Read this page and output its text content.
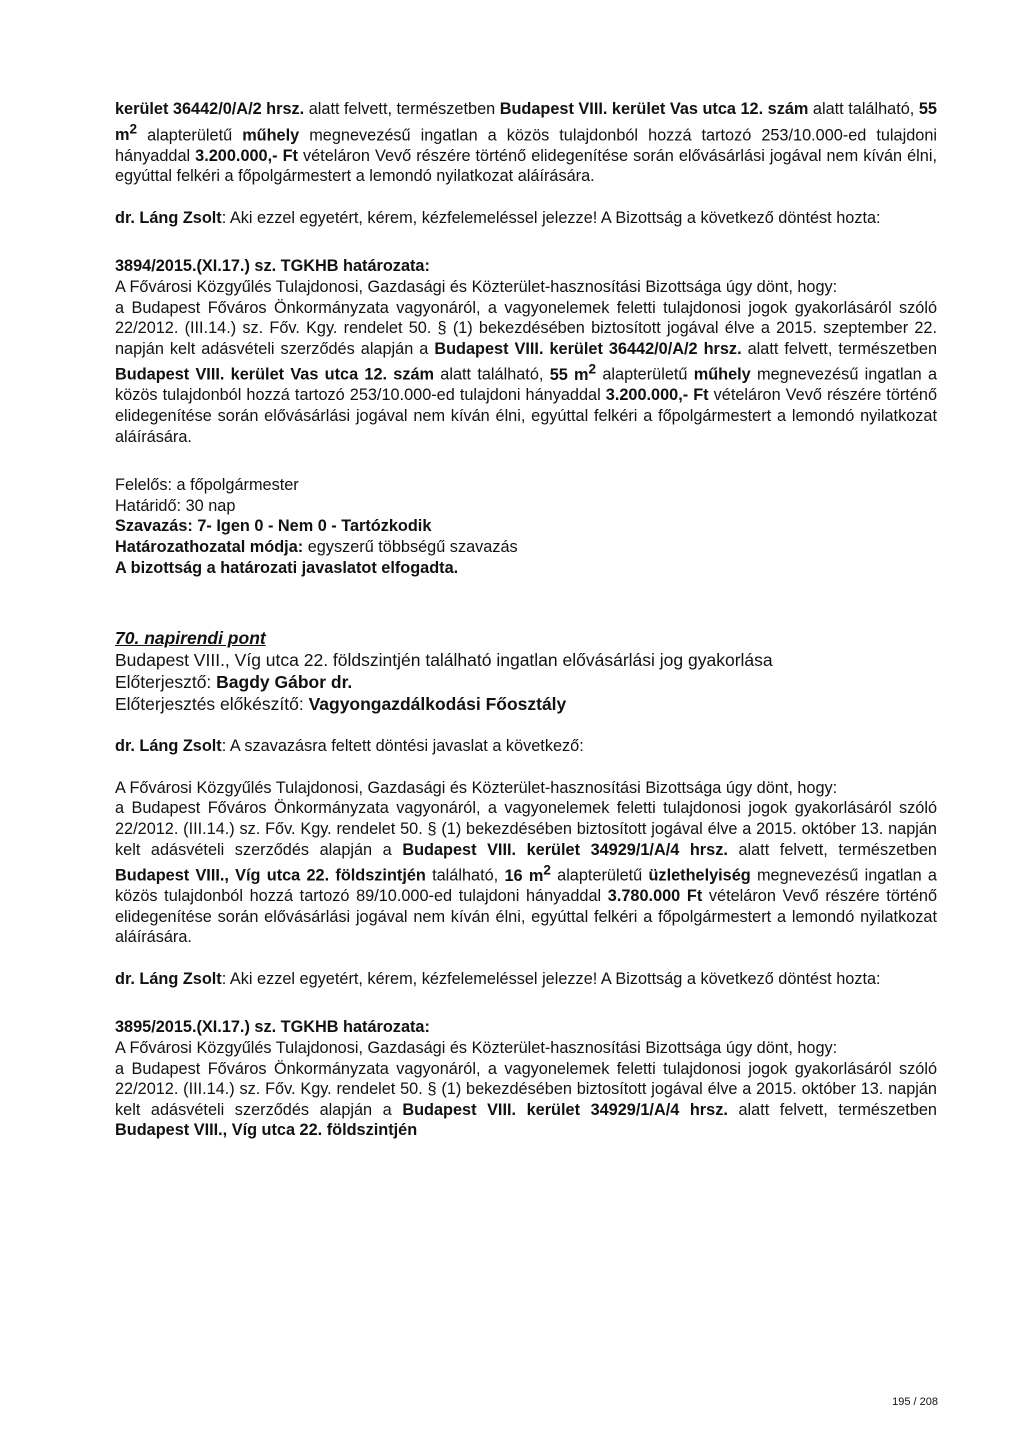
kerület 36442/0/A/2 hrsz. alatt felvett, természetben Budapest VIII. kerület Vas utca 12. szám alatt található, 55 $m^2$ alapterületű műhely megnevezésű ingatlan a közös tulajdonból hozzá tartozó 253/10.000-ed tulajdoni hányaddal 3.200.000,- Ft vételáron Vevő részére történő elidegenítése során elővásárlási jogával nem kíván élni, egyúttal felkéri a főpolgármestert a lemondó nyilatkozat aláírására.

dr. Láng Zsolt: Aki ezzel egyetért, kérem, kézfelemeléssel jelezze! A Bizottság a következő döntést hozta:

3894/2015.(XI.17.) sz. TGKHB határozata:

A Fővárosi Közgyűlés Tulajdonosi, Gazdasági és Közterület-hasznosítási Bizottsága úgy dönt, hogy:

a Budapest Főváros Önkormányzata vagyonáról, a vagyonelemek feletti tulajdonosi jogok gyakorlásáról szóló 22/2012. (III.14.) sz. Főv. Kgy. rendelet 50. § (1) bekezdésében biztosított jogával élve a 2015. szeptember 22. napján kelt adásvételi szerződés alapján a Budapest VIII. kerület 36442/0/A/2 hrsz. alatt felvett, természetben Budapest VIII. kerület Vas utca 12. szám alatt található, 55 $m^2$ alapterületű műhely megnevezésű ingatlan a közös tulajdonból hozzá tartozó 253/10.000-ed tulajdoni hányaddal 3.200.000,- Ft vételáron Vevő részére történő elidegenítése során elővásárlási jogával nem kíván élni, egyúttal felkéri a főpolgármestert a lemondó nyilatkozat aláírására.

Felelős: a főpolgármester

Határidő: 30 nap

Szavazás: 7- Igen 0 - Nem 0 - Tartózkodik

Határozathozatal módja: egyszerű többségű szavazás

A bizottság a határozati javaslatot elfogadta.

70. napirendi pont

Budapest VIII., Víg utca 22. földszintjén található ingatlan elővásárlási jog gyakorlása

Előterjesztő: Bagdy Gábor dr.

Előterjesztés előkészítő: Vagyongazdálkodási Főosztály

dr. Láng Zsolt: A szavazásra feltett döntési javaslat a következő:

A Fővárosi Közgyűlés Tulajdonosi, Gazdasági és Közterület-hasznosítási Bizottsága úgy dönt, hogy:

a Budapest Főváros Önkormányzata vagyonáról, a vagyonelemek feletti tulajdonosi jogok gyakorlásáról szóló 22/2012. (III.14.) sz. Főv. Kgy. rendelet 50. § (1) bekezdésében biztosított jogával élve a 2015. október 13. napján kelt adásvételi szerződés alapján a Budapest VIII. kerület 34929/1/A/4 hrsz. alatt felvett, természetben Budapest VIII., Víg utca 22. földszintjén található, 16 $m^2$ alapterületű üzlethelyiség megnevezésű ingatlan a közös tulajdonból hozzá tartozó 89/10.000-ed tulajdoni hányaddal 3.780.000 Ft vételáron Vevő részére történő elidegenítése során elővásárlási jogával nem kíván élni, egyúttal felkéri a főpolgármestert a lemondó nyilatkozat aláírására.

dr. Láng Zsolt: Aki ezzel egyetért, kérem, kézfelemeléssel jelezze! A Bizottság a következő döntést hozta:

3895/2015.(XI.17.) sz. TGKHB határozata:

A Fővárosi Közgyűlés Tulajdonosi, Gazdasági és Közterület-hasznosítási Bizottsága úgy dönt, hogy:

a Budapest Főváros Önkormányzata vagyonáról, a vagyonelemek feletti tulajdonosi jogok gyakorlásáról szóló 22/2012. (III.14.) sz. Főv. Kgy. rendelet 50. § (1) bekezdésében biztosított jogával élve a 2015. október 13. napján kelt adásvételi szerződés alapján a Budapest VIII. kerület 34929/1/A/4 hrsz. alatt felvett, természetben Budapest VIII., Víg utca 22. földszintjén

195 / 208
